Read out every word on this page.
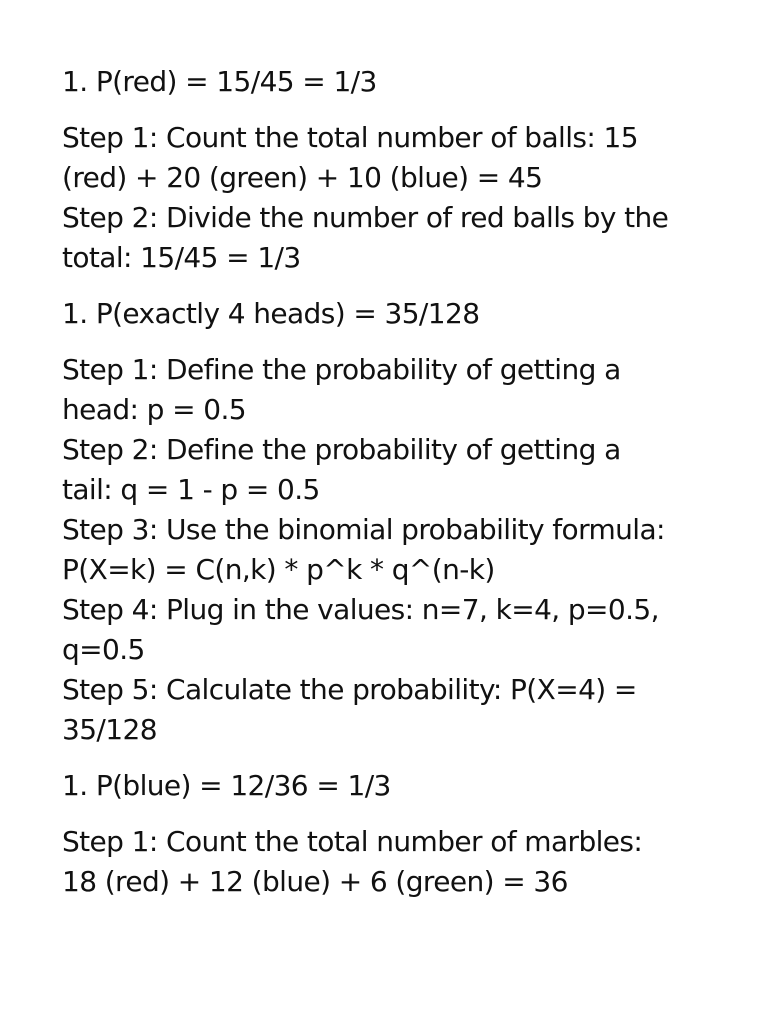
1. P(red) = 15/45 = 1/3
Step 1: Count the total number of balls: 15
(red) + 20 (green) + 10 (blue) = 45
Step 2: Divide the number of red balls by the
total: 15/45 = 1/3
1. P(exactly 4 heads) = 35/128
Step 1: Define the probability of getting a
head: p = 0.5
Step 2: Define the probability of getting a
tail: q = 1 - p = 0.5
Step 3: Use the binomial probability formula:
P(X=k) = C(n,k) * p^k * q^(n-k)
Step 4: Plug in the values: n=7, k=4, p=0.5,
q=0.5
Step 5: Calculate the probability: P(X=4) =
35/128
1. P(blue) = 12/36 = 1/3
Step 1: Count the total number of marbles:
18 (red) + 12 (blue) + 6 (green) = 36
